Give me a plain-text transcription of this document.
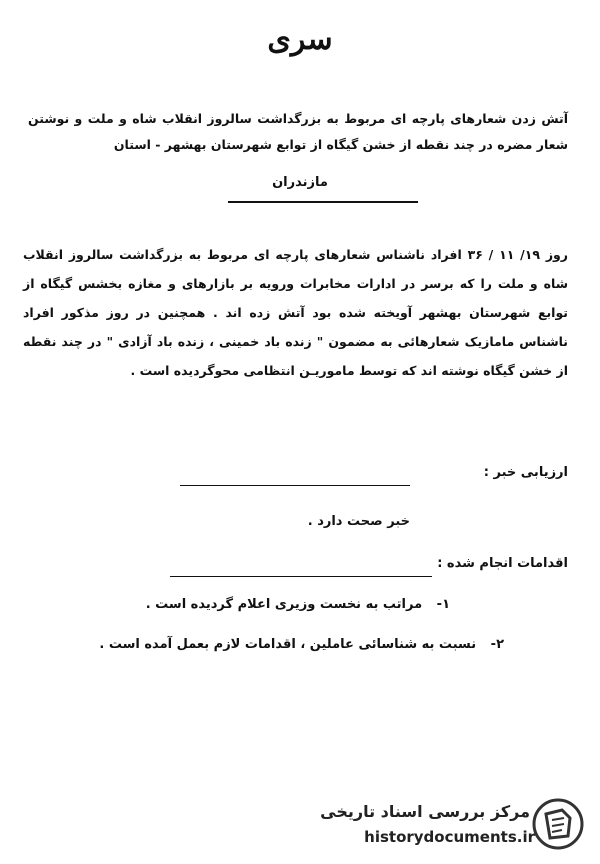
سری
آتش زدن شعارهای پارچه ای مربوط به بزرگداشت سالروز انقلاب شاه و ملت و نوشتن شعار مضره در چند نقطه از خشن گیگاه از توابع شهرستان بهشهر - استان
مازندران
روز ۱۹/ ۱۱ / ۳۶ افراد ناشناس شعارهای پارچه ای مربوط به بزرگداشت سالروز انقلاب شاه و ملت را که برسر در ادارات مخابرات ورویه بر بازارهای و مغازه بخشس گیگاه از توابع شهرستان بهشهر آویخته شده بود آتش زده اند . همچنین در روز مذکور افراد ناشناس مامازیک شعارهائی به مضمون " زنده باد خمینی ، زنده باد آزادی " در چند نقطه از خشن گیگاه نوشته اند که توسط ماموریـن انتظامی محوگردیده است .
ارزیابی خبر :
خبر صحت دارد .
اقدامات انجام شده :
۱- مراتب به نخست وزیری اعلام گردیده است .
۲- نسبت به شناسائی عاملین ، اقدامات لازم بعمل آمده است .
مرکز بررسی اسناد تاریخی
historydocuments.ir
